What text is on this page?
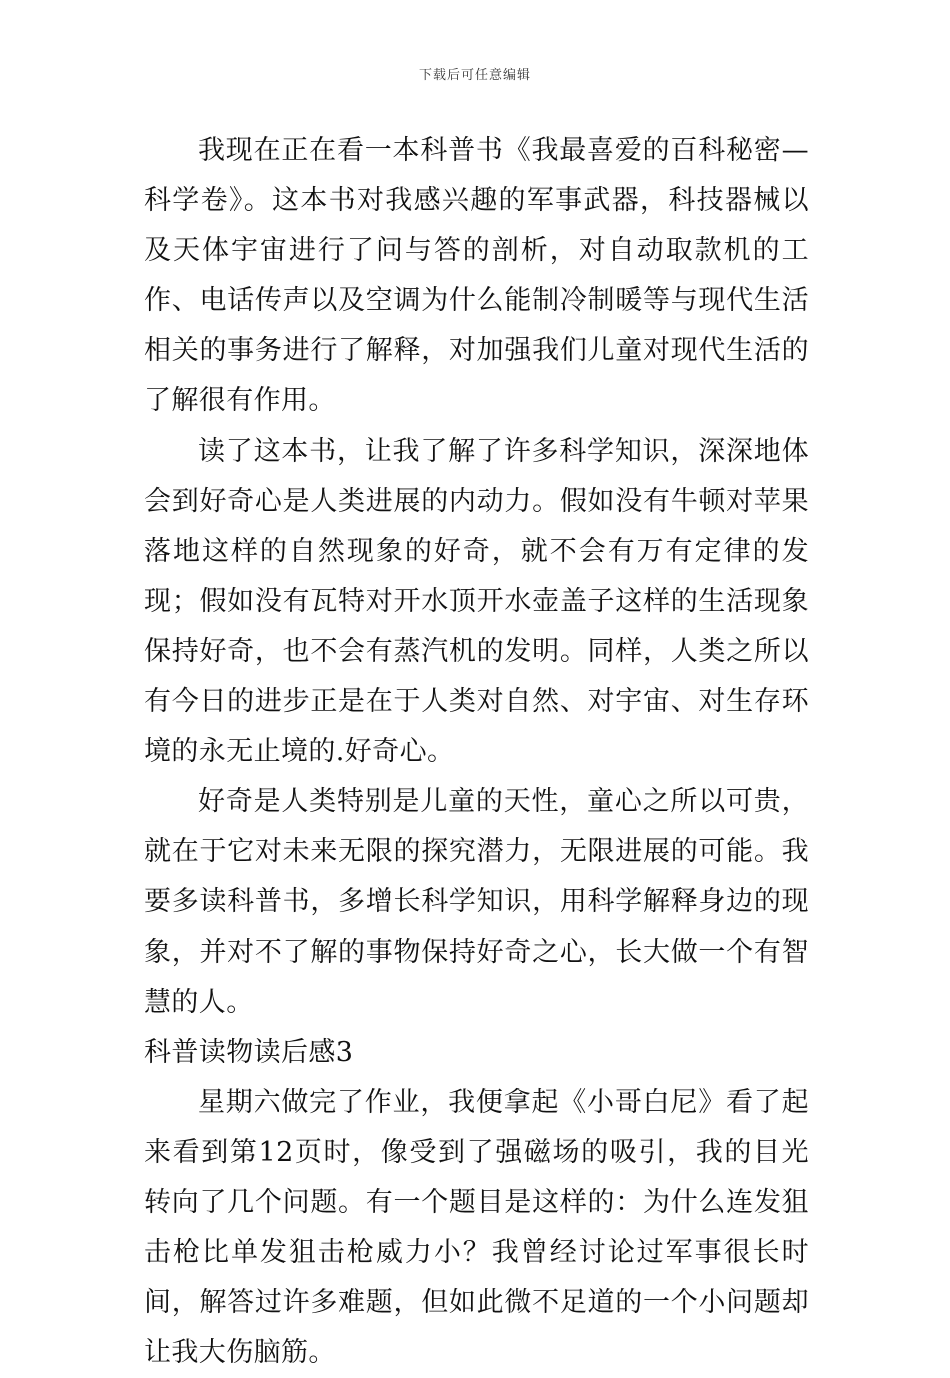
下载后可任意编辑

我现在正在看一本科普书《我最喜爱的百科秘密—科学卷》。这本书对我感兴趣的军事武器，科技器械以及天体宇宙进行了问与答的剖析，对自动取款机的工作、电话传声以及空调为什么能制冷制暖等与现代生活相关的事务进行了解释，对加强我们儿童对现代生活的了解很有作用。

读了这本书，让我了解了许多科学知识，深深地体会到好奇心是人类进展的内动力。假如没有牛顿对苹果落地这样的自然现象的好奇，就不会有万有定律的发现；假如没有瓦特对开水顶开水壶盖子这样的生活现象保持好奇，也不会有蒸汽机的发明。同样，人类之所以有今日的进步正是在于人类对自然、对宇宙、对生存环境的永无止境的.好奇心。

好奇是人类特别是儿童的天性，童心之所以可贵，就在于它对未来无限的探究潜力，无限进展的可能。我要多读科普书，多增长科学知识，用科学解释身边的现象，并对不了解的事物保持好奇之心，长大做一个有智慧的人。

科普读物读后感3

星期六做完了作业，我便拿起《小哥白尼》看了起来看到第12页时，像受到了强磁场的吸引，我的目光转向了几个问题。有一个题目是这样的：为什么连发狙击枪比单发狙击枪威力小？我曾经讨论过军事很长时间，解答过许多难题，但如此微不足道的一个小问题却让我大伤脑筋。
